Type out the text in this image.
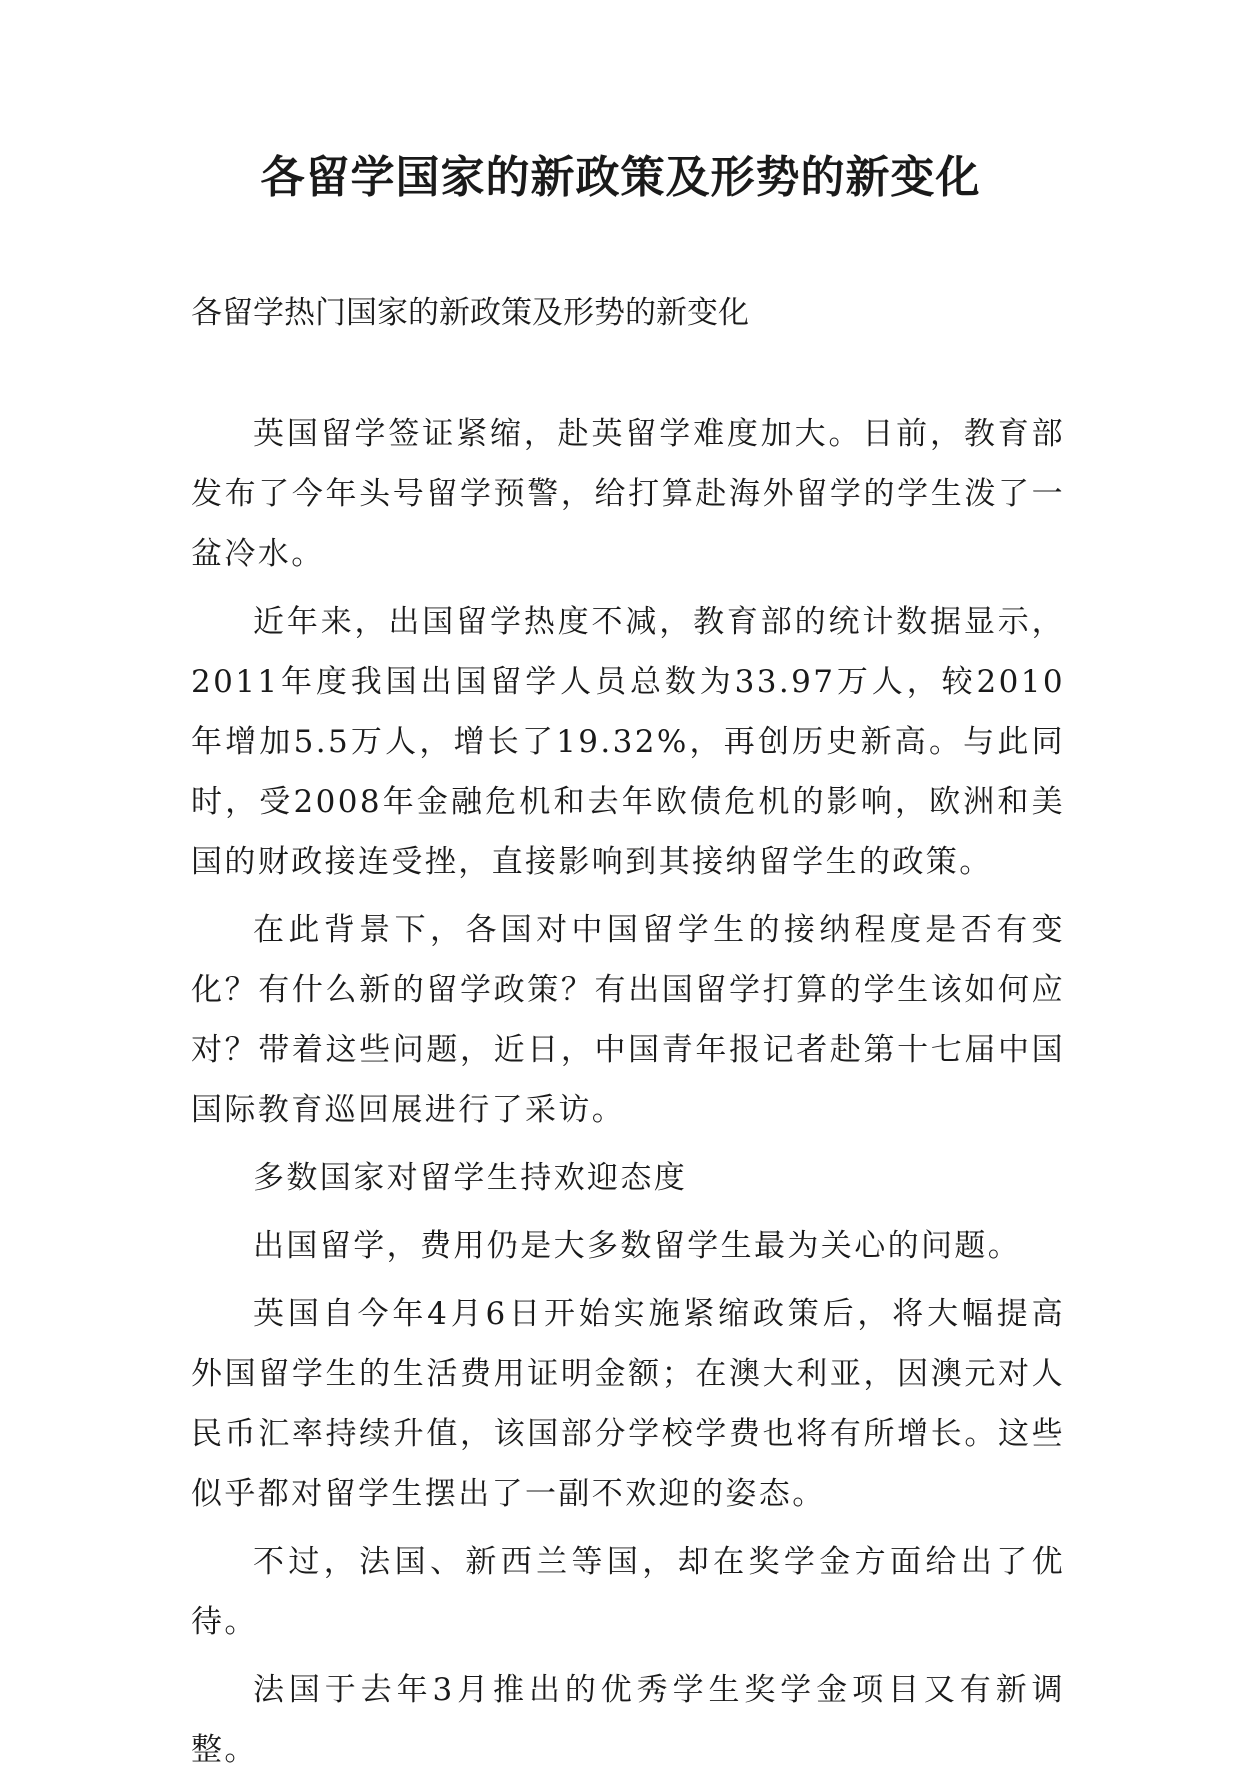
各留学国家的新政策及形势的新变化

各留学热门国家的新政策及形势的新变化

英国留学签证紧缩，赴英留学难度加大。日前，教育部发布了今年头号留学预警，给打算赴海外留学的学生泼了一盆冷水。

近年来，出国留学热度不减，教育部的统计数据显示，2011年度我国出国留学人员总数为33.97万人，较2010年增加5.5万人，增长了19.32%，再创历史新高。与此同时，受2008年金融危机和去年欧债危机的影响，欧洲和美国的财政接连受挫，直接影响到其接纳留学生的政策。

在此背景下，各国对中国留学生的接纳程度是否有变化？有什么新的留学政策？有出国留学打算的学生该如何应对？带着这些问题，近日，中国青年报记者赴第十七届中国国际教育巡回展进行了采访。

多数国家对留学生持欢迎态度

出国留学，费用仍是大多数留学生最为关心的问题。

英国自今年4月6日开始实施紧缩政策后，将大幅提高外国留学生的生活费用证明金额；在澳大利亚，因澳元对人民币汇率持续升值，该国部分学校学费也将有所增长。这些似乎都对留学生摆出了一副不欢迎的姿态。

不过，法国、新西兰等国，却在奖学金方面给出了优待。

法国于去年3月推出的优秀学生奖学金项目又有新调整。
